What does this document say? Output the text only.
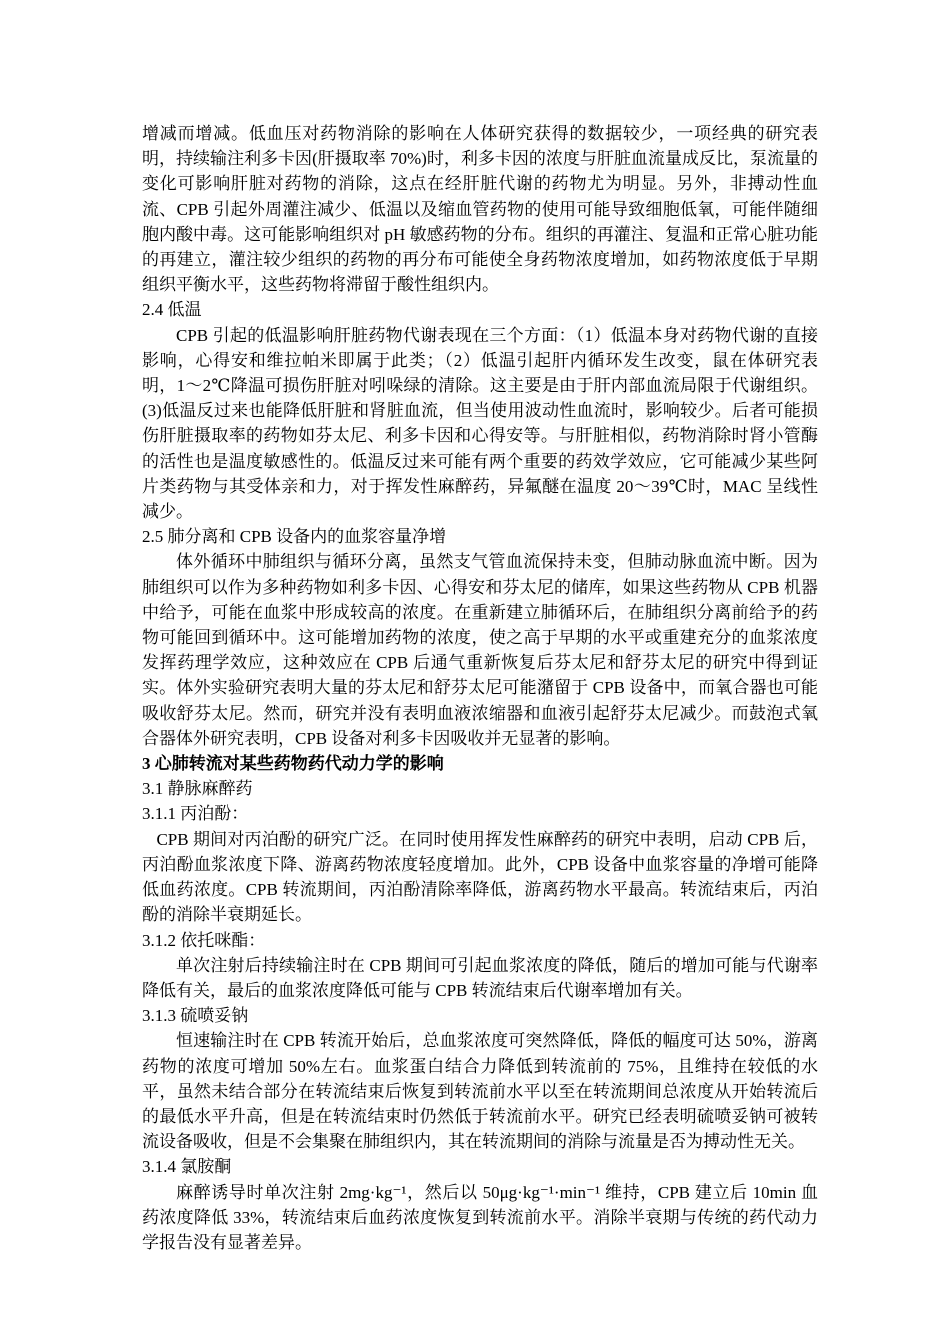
增减而增减。低血压对药物消除的影响在人体研究获得的数据较少，一项经典的研究表明，持续输注利多卡因(肝摄取率 70%)时，利多卡因的浓度与肝脏血流量成反比，泵流量的变化可影响肝脏对药物的消除，这点在经肝脏代谢的药物尤为明显。另外，非搏动性血流、CPB 引起外周灌注减少、低温以及缩血管药物的使用可能导致细胞低氧，可能伴随细胞内酸中毒。这可能影响组织对 pH 敏感药物的分布。组织的再灌注、复温和正常心脏功能的再建立，灌注较少组织的药物的再分布可能使全身药物浓度增加，如药物浓度低于早期组织平衡水平，这些药物将滞留于酸性组织内。
2.4 低温
CPB 引起的低温影响肝脏药物代谢表现在三个方面：（1）低温本身对药物代谢的直接影响，心得安和维拉帕米即属于此类；（2）低温引起肝内循环发生改变，鼠在体研究表明，1～2℃降温可损伤肝脏对吲哚绿的清除。这主要是由于肝内部血流局限于代谢组织。(3)低温反过来也能降低肝脏和肾脏血流，但当使用波动性血流时，影响较少。后者可能损伤肝脏摄取率的药物如芬太尼、利多卡因和心得安等。与肝脏相似，药物消除时肾小管酶的活性也是温度敏感性的。低温反过来可能有两个重要的药效学效应，它可能减少某些阿片类药物与其受体亲和力，对于挥发性麻醉药，异氟醚在温度 20～39℃时，MAC 呈线性减少。
2.5 肺分离和 CPB 设备内的血浆容量净增
体外循环中肺组织与循环分离，虽然支气管血流保持未变，但肺动脉血流中断。因为肺组织可以作为多种药物如利多卡因、心得安和芬太尼的储库，如果这些药物从 CPB 机器中给予，可能在血浆中形成较高的浓度。在重新建立肺循环后，在肺组织分离前给予的药物可能回到循环中。这可能增加药物的浓度，使之高于早期的水平或重建充分的血浆浓度发挥药理学效应，这种效应在 CPB 后通气重新恢复后芬太尼和舒芬太尼的研究中得到证实。体外实验研究表明大量的芬太尼和舒芬太尼可能潴留于 CPB 设备中，而氧合器也可能吸收舒芬太尼。然而，研究并没有表明血液浓缩器和血液引起舒芬太尼减少。而鼓泡式氧合器体外研究表明，CPB 设备对利多卡因吸收并无显著的影响。
3 心肺转流对某些药物药代动力学的影响
3.1 静脉麻醉药
3.1.1 丙泊酚：
CPB 期间对丙泊酚的研究广泛。在同时使用挥发性麻醉药的研究中表明，启动 CPB 后，丙泊酚血浆浓度下降、游离药物浓度轻度增加。此外，CPB 设备中血浆容量的净增可能降低血药浓度。CPB 转流期间，丙泊酚清除率降低，游离药物水平最高。转流结束后，丙泊酚的消除半衰期延长。
3.1.2 依托咪酯：
单次注射后持续输注时在 CPB 期间可引起血浆浓度的降低，随后的增加可能与代谢率降低有关，最后的血浆浓度降低可能与 CPB 转流结束后代谢率增加有关。
3.1.3 硫喷妥钠
恒速输注时在 CPB 转流开始后，总血浆浓度可突然降低，降低的幅度可达 50%，游离药物的浓度可增加 50%左右。血浆蛋白结合力降低到转流前的 75%，且维持在较低的水平，虽然未结合部分在转流结束后恢复到转流前水平以至在转流期间总浓度从开始转流后的最低水平升高，但是在转流结束时仍然低于转流前水平。研究已经表明硫喷妥钠可被转流设备吸收，但是不会集聚在肺组织内，其在转流期间的消除与流量是否为搏动性无关。
3.1.4 氯胺酮
麻醉诱导时单次注射 2mg·kg⁻¹，然后以 50μg·kg⁻¹·min⁻¹ 维持，CPB 建立后 10min 血药浓度降低 33%，转流结束后血药浓度恢复到转流前水平。消除半衰期与传统的药代动力学报告没有显著差异。
